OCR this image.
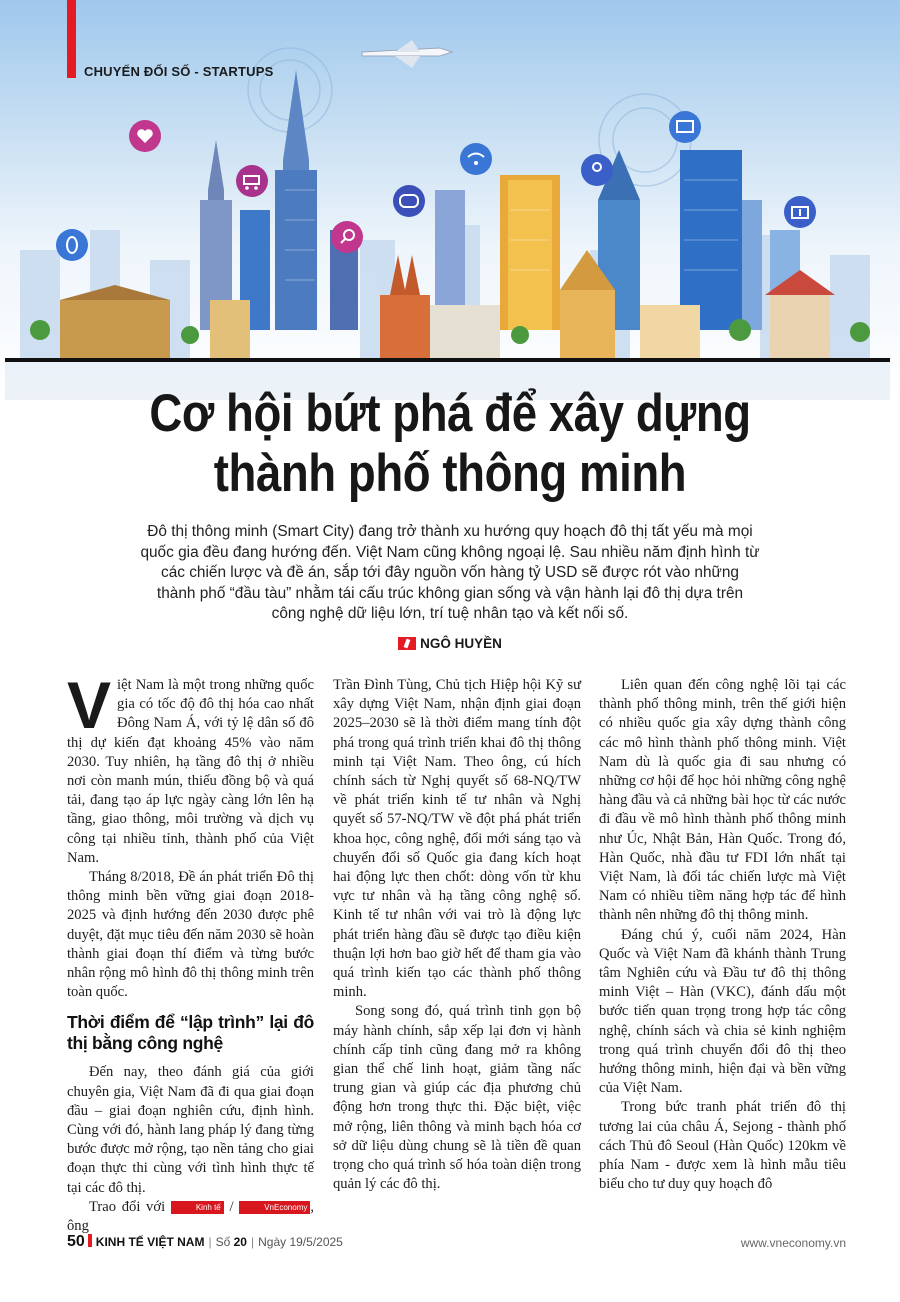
CHUYỂN ĐỔI SỐ - STARTUPS
Cơ hội bứt phá để xây dựng
thành phố thông minh

Đô thị thông minh (Smart City) đang trở thành xu hướng quy hoạch đô thị tất yếu mà mọi quốc gia đều đang hướng đến. Việt Nam cũng không ngoại lệ. Sau nhiều năm định hình từ các chiến lược và đề án, sắp tới đây nguồn vốn hàng tỷ USD sẽ được rót vào những thành phố “đầu tàu” nhằm tái cấu trúc không gian sống và vận hành lại đô thị dựa trên công nghệ dữ liệu lớn, trí tuệ nhân tạo và kết nối số.

NGÔ HUYỀN

Việt Nam là một trong những quốc gia có tốc độ đô thị hóa cao nhất Đông Nam Á, với tỷ lệ dân số đô thị dự kiến đạt khoảng 45% vào năm 2030. Tuy nhiên, hạ tầng đô thị ở nhiều nơi còn manh mún, thiếu đồng bộ và quá tải, đang tạo áp lực ngày càng lớn lên hạ tầng, giao thông, môi trường và dịch vụ công tại nhiều tỉnh, thành phố của Việt Nam.

Tháng 8/2018, Đề án phát triển Đô thị thông minh bền vững giai đoạn 2018-2025 và định hướng đến 2030 được phê duyệt, đặt mục tiêu đến năm 2030 sẽ hoàn thành giai đoạn thí điểm và từng bước nhân rộng mô hình đô thị thông minh trên toàn quốc.

Thời điểm để “lập trình” lại đô thị bằng công nghệ

Đến nay, theo đánh giá của giới chuyên gia, Việt Nam đã đi qua giai đoạn đầu – giai đoạn nghiên cứu, định hình. Cùng với đó, hành lang pháp lý đang từng bước được mở rộng, tạo nền tảng cho giai đoạn thực thi cùng với tình hình thực tế tại các đô thị.

Trao đổi với	Kinh tế /	VnEconomy , ông

Trần Đình Tùng, Chủ tịch Hiệp hội Kỹ sư xây dựng Việt Nam, nhận định giai đoạn 2025–2030 sẽ là thời điểm mang tính đột phá trong quá trình triển khai đô thị thông minh tại Việt Nam. Theo ông, cú hích chính sách từ Nghị quyết số 68-NQ/TW về phát triển kinh tế tư nhân và Nghị quyết số 57-NQ/TW về đột phá phát triển khoa học, công nghệ, đổi mới sáng tạo và chuyển đổi số Quốc gia đang kích hoạt hai động lực then chốt: dòng vốn từ khu vực tư nhân và hạ tầng công nghệ số. Kinh tế tư nhân với vai trò là động lực phát triển hàng đầu sẽ được tạo điều kiện thuận lợi hơn bao giờ hết để tham gia vào quá trình kiến tạo các thành phố thông minh.

Song song đó, quá trình tinh gọn bộ máy hành chính, sắp xếp lại đơn vị hành chính cấp tỉnh cũng đang mở ra không gian thể chế linh hoạt, giảm tầng nấc trung gian và giúp các địa phương chủ động hơn trong thực thi. Đặc biệt, việc mở rộng, liên thông và minh bạch hóa cơ sở dữ liệu dùng chung sẽ là tiền đề quan trọng cho quá trình số hóa toàn diện trong quản lý các đô thị.

Liên quan đến công nghệ lõi tại các thành phố thông minh, trên thế giới hiện có nhiều quốc gia xây dựng thành công các mô hình thành phố thông minh. Việt Nam dù là quốc gia đi sau nhưng có những cơ hội để học hỏi những công nghệ hàng đầu và cả những bài học từ các nước đi đầu về mô hình thành phố thông minh như Úc, Nhật Bản, Hàn Quốc. Trong đó, Hàn Quốc, nhà đầu tư FDI lớn nhất tại Việt Nam, là đối tác chiến lược mà Việt Nam có nhiều tiềm năng hợp tác để hình thành nên những đô thị thông minh.

Đáng chú ý, cuối năm 2024, Hàn Quốc và Việt Nam đã khánh thành Trung tâm Nghiên cứu và Đầu tư đô thị thông minh Việt – Hàn (VKC), đánh dấu một bước tiến quan trọng trong hợp tác công nghệ, chính sách và chia sẻ kinh nghiệm trong quá trình chuyển đổi đô thị theo hướng thông minh, hiện đại và bền vững của Việt Nam.

Trong bức tranh phát triển đô thị tương lai của châu Á, Sejong - thành phố cách Thủ đô Seoul (Hàn Quốc) 120km về phía Nam - được xem là hình mẫu tiêu biểu cho tư duy quy hoạch đô

50 KINH TẾ VIỆT NAM | Số 20 | Ngày 19/5/2025	www.vneconomy.vn
